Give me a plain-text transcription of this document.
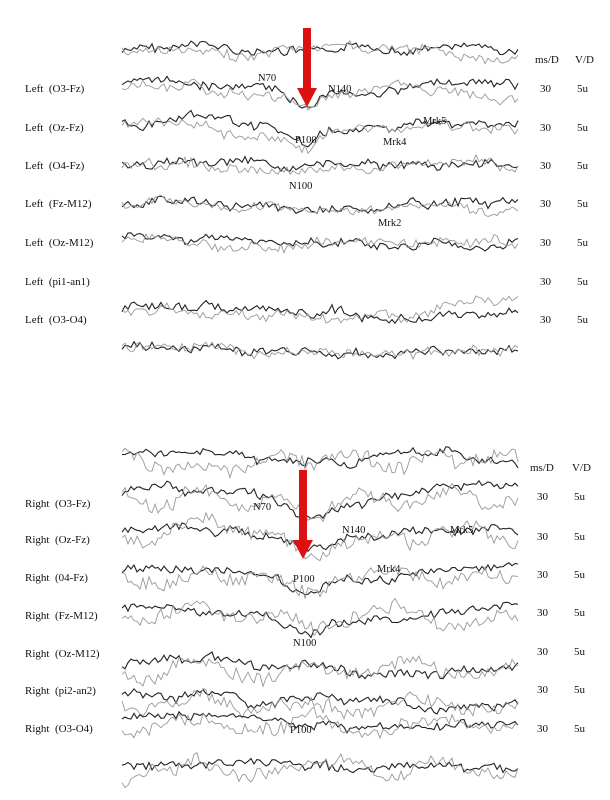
ms/D V/D
Left  (O3-Fz)
Left  (Oz-Fz)
Left  (O4-Fz)
Left  (Fz-M12)
Left  (Oz-M12)
Left  (pi1-an1)
Left  (O3-O4)
30 5u
30 5u
30 5u
30 5u
30 5u
30 5u
30 5u
N70
N140
P100
Mrk5
Mrk4
N100
Mrk2
ms/D V/D
Right  (O3-Fz)
Right  (Oz-Fz)
Right  (04-Fz)
Right  (Fz-M12)
Right  (Oz-M12)
Right  (pi2-an2)
Right  (O3-O4)
30 5u
30 5u
30 5u
30 5u
30 5u
30 5u
30 5u
N70
N140	Mrk5
P100
Mrk4
N100
P100
